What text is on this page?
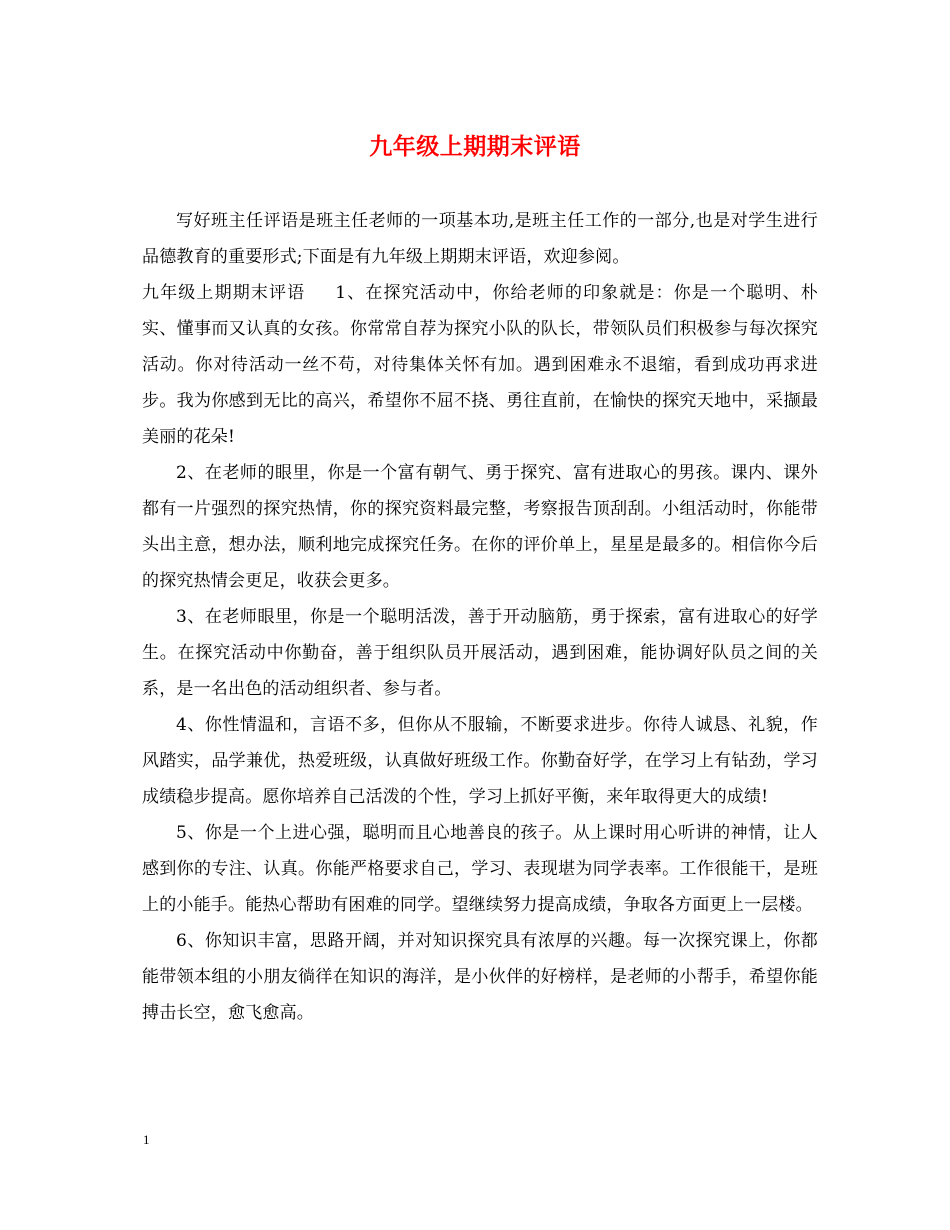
九年级上期期末评语

写好班主任评语是班主任老师的一项基本功,是班主任工作的一部分,也是对学生进行品德教育的重要形式;下面是有九年级上期期末评语，欢迎参阅。

九年级上期期末评语 1、在探究活动中，你给老师的印象就是：你是一个聪明、朴实、懂事而又认真的女孩。你常常自荐为探究小队的队长，带领队员们积极参与每次探究活动。你对待活动一丝不苟，对待集体关怀有加。遇到困难永不退缩，看到成功再求进步。我为你感到无比的高兴，希望你不屈不挠、勇往直前，在愉快的探究天地中，采撷最美丽的花朵!

2、在老师的眼里，你是一个富有朝气、勇于探究、富有进取心的男孩。课内、课外都有一片强烈的探究热情，你的探究资料最完整，考察报告顶刮刮。小组活动时，你能带头出主意，想办法，顺利地完成探究任务。在你的评价单上，星星是最多的。相信你今后的探究热情会更足，收获会更多。

3、在老师眼里，你是一个聪明活泼，善于开动脑筋，勇于探索，富有进取心的好学生。在探究活动中你勤奋，善于组织队员开展活动，遇到困难，能协调好队员之间的关系，是一名出色的活动组织者、参与者。

4、你性情温和，言语不多，但你从不服输，不断要求进步。你待人诚恳、礼貌，作风踏实，品学兼优，热爱班级，认真做好班级工作。你勤奋好学，在学习上有钻劲，学习成绩稳步提高。愿你培养自己活泼的个性，学习上抓好平衡，来年取得更大的成绩!

5、你是一个上进心强，聪明而且心地善良的孩子。从上课时用心听讲的神情，让人感到你的专注、认真。你能严格要求自己，学习、表现堪为同学表率。工作很能干，是班上的小能手。能热心帮助有困难的同学。望继续努力提高成绩，争取各方面更上一层楼。

6、你知识丰富，思路开阔，并对知识探究具有浓厚的兴趣。每一次探究课上，你都能带领本组的小朋友徜徉在知识的海洋，是小伙伴的好榜样，是老师的小帮手，希望你能搏击长空，愈飞愈高。

1
